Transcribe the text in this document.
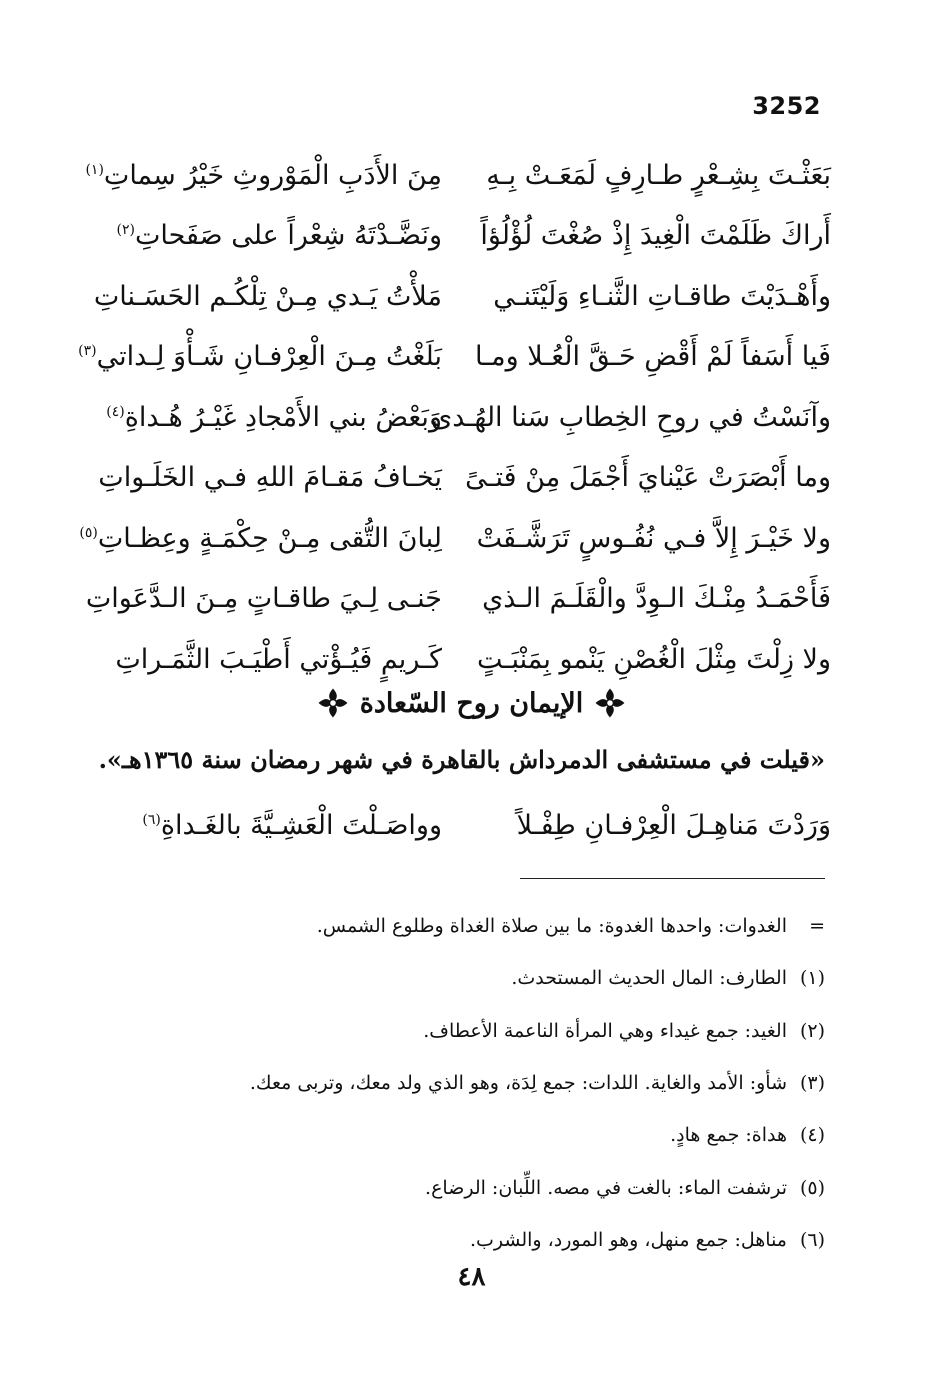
3252
بَعَثْـتَ بِشِـعْرٍ طـارِفٍ لَمَعَـتْ بِـهِ
مِنَ الأَدَبِ الْمَوْروثِ خَيْرُ سِماتِ$^{(١)}$
أَراكَ ظَلَمْتَ الْغِيدَ إِذْ صُغْتَ لُؤْلُؤاً
ونَضَّـدْتَهُ شِعْراً على صَفَحاتِ$^{(٢)}$
وأَهْـدَيْتَ طاقـاتِ الثَّنـاءِ وَلَيْتَنـي
مَلأْتُ يَـدي مِـنْ تِلْكُـم الحَسَـناتِ
فَيا أَسَفاً لَمْ أَقْضِ حَـقَّ الْعُـلا ومـا
بَلَغْتُ مِـنَ الْعِرْفـانِ شَـأْوَ لِـداتي$^{(٣)}$
وآنَسْتُ في روحِ الخِطابِ سَنا الهُـدى
وَبَعْضُ بني الأَمْجادِ غَيْـرُ هُـداةِ$^{(٤)}$
وما أَبْصَرَتْ عَيْنايَ أَجْمَلَ مِنْ فَتـىً
يَخـافُ مَقـامَ اللهِ فـي الخَلَـواتِ
ولا خَيْـرَ إِلاَّ فـي نُفُـوسٍ تَرَشَّـفَتْ
لِبانَ التُّقى مِـنْ حِكْمَـةٍ وعِظـاتِ$^{(٥)}$
فَأَحْمَـدُ مِنْـكَ الـوِدَّ والْقَلَـمَ الـذي
جَنـى لِـيَ طاقـاتٍ مِـنَ الـدَّعَواتِ
ولا زِلْتَ مِثْلَ الْغُصْنِ يَنْمو بِمَنْبَـتٍ
كَـريمٍ فَيُـؤْتي أَطْيَـبَ الثَّمَـراتِ
الإيمان روح السّعادة
«قيلت في مستشفى الدمرداش بالقاهرة في شهر رمضان سنة ١٣٦٥هـ».
وَرَدْتَ مَناهِـلَ الْعِرْفـانِ طِفْـلاً
وواصَـلْتَ الْعَشِـيَّةَ بالغَـداةِ$^{(٦)}$
=
الغدوات: واحدها الغدوة: ما بين صلاة الغداة وطلوع الشمس.
(١)
الطارف: المال الحديث المستحدث.
(٢)
الغيد: جمع غيداء وهي المرأة الناعمة الأعطاف.
(٣)
شأو: الأمد والغاية. اللدات: جمع لِدَة، وهو الذي ولد معك، وتربى معك.
(٤)
هداة: جمع هادٍ.
(٥)
ترشفت الماء: بالغت في مصه. اللِّبان: الرضاع.
(٦)
مناهل: جمع منهل، وهو المورد، والشرب.
٤٨
